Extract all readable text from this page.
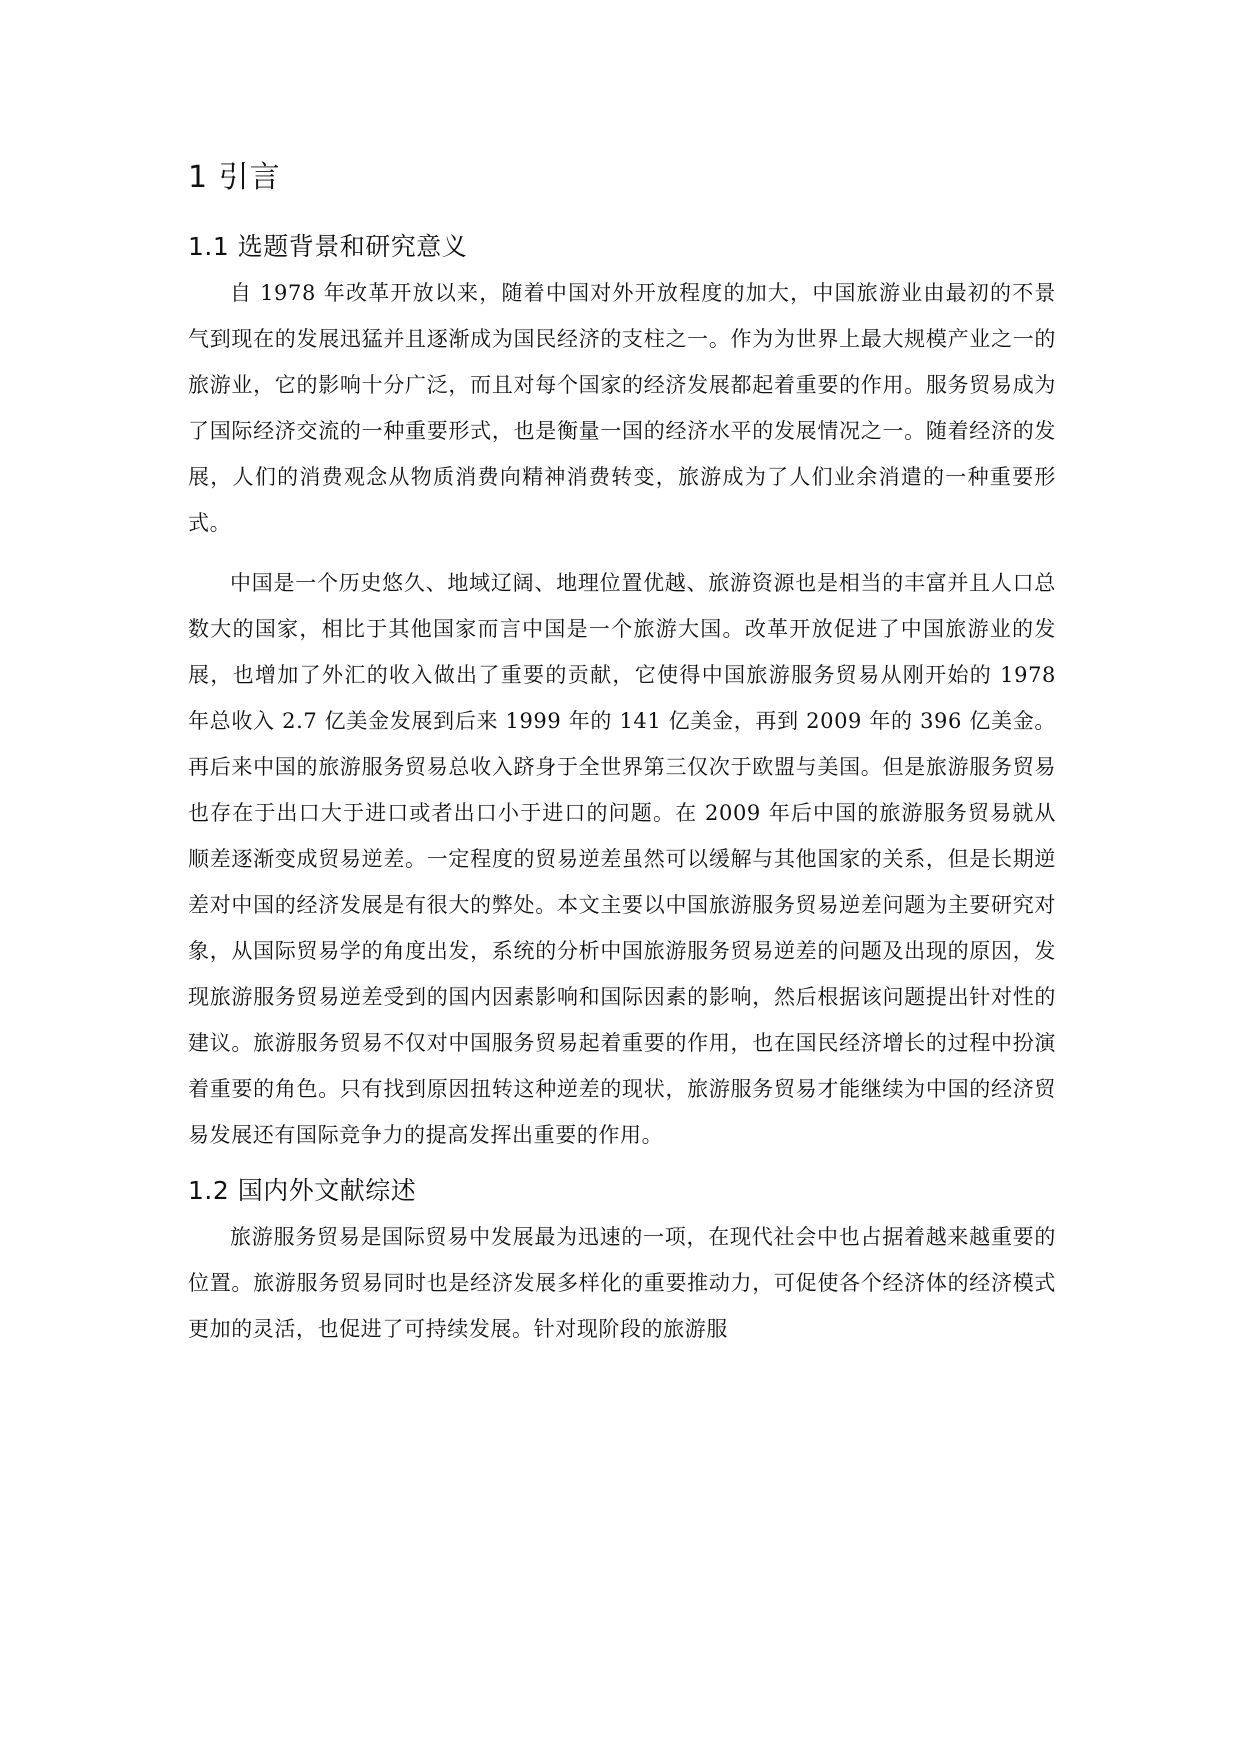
1 引言
1.1 选题背景和研究意义

自 1978 年改革开放以来，随着中国对外开放程度的加大，中国旅游业由最初的不景气到现在的发展迅猛并且逐渐成为国民经济的支柱之一。作为为世界上最大规模产业之一的旅游业，它的影响十分广泛，而且对每个国家的经济发展都起着重要的作用。服务贸易成为了国际经济交流的一种重要形式，也是衡量一国的经济水平的发展情况之一。随着经济的发展，人们的消费观念从物质消费向精神消费转变，旅游成为了人们业余消遣的一种重要形式。

中国是一个历史悠久、地域辽阔、地理位置优越、旅游资源也是相当的丰富并且人口总数大的国家，相比于其他国家而言中国是一个旅游大国。改革开放促进了中国旅游业的发展，也增加了外汇的收入做出了重要的贡献，它使得中国旅游服务贸易从刚开始的 1978 年总收入 2.7 亿美金发展到后来 1999 年的 141 亿美金，再到 2009 年的 396 亿美金。再后来中国的旅游服务贸易总收入跻身于全世界第三仅次于欧盟与美国。但是旅游服务贸易也存在于出口大于进口或者出口小于进口的问题。在 2009 年后中国的旅游服务贸易就从顺差逐渐变成贸易逆差。一定程度的贸易逆差虽然可以缓解与其他国家的关系，但是长期逆差对中国的经济发展是有很大的弊处。本文主要以中国旅游服务贸易逆差问题为主要研究对象，从国际贸易学的角度出发，系统的分析中国旅游服务贸易逆差的问题及出现的原因，发现旅游服务贸易逆差受到的国内因素影响和国际因素的影响，然后根据该问题提出针对性的建议。旅游服务贸易不仅对中国服务贸易起着重要的作用，也在国民经济增长的过程中扮演着重要的角色。只有找到原因扭转这种逆差的现状，旅游服务贸易才能继续为中国的经济贸易发展还有国际竞争力的提高发挥出重要的作用。

1.2 国内外文献综述

旅游服务贸易是国际贸易中发展最为迅速的一项，在现代社会中也占据着越来越重要的位置。旅游服务贸易同时也是经济发展多样化的重要推动力，可促使各个经济体的经济模式更加的灵活，也促进了可持续发展。针对现阶段的旅游服
